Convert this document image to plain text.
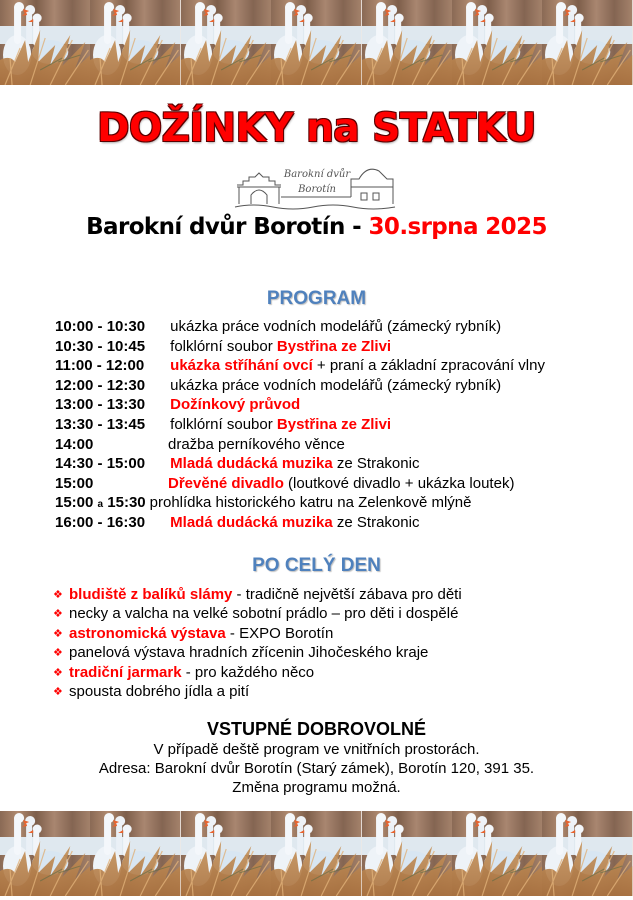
DOŽÍNKY na STATKU
Barokní dvůr
Borotín
Barokní dvůr Borotín - 30.srpna 2025
PROGRAM
10:00 - 10:30 ukázka práce vodních modelářů (zámecký rybník)
10:30 - 10:45 folklórní soubor Bystřina ze Zlivi
11:00 - 12:00 ukázka stříhání ovcí + praní a základní zpracování vlny
12:00 - 12:30 ukázka práce vodních modelářů (zámecký rybník)
13:00 - 13:30 Dožínkový průvod
13:30 - 13:45 folklórní soubor Bystřina ze Zlivi
14:00	dražba perníkového věnce
14:30 - 15:00 Mladá dudácká muzika ze Strakonic
15:00	Dřevěné divadlo (loutkové divadlo + ukázka loutek)
15:00 a 15:30 prohlídka historického katru na Zelenkově mlýně
16:00 - 16:30 Mladá dudácká muzika ze Strakonic
PO CELÝ DEN
❖ bludiště z balíků slámy - tradičně největší zábava pro děti
❖ necky a valcha na velké sobotní prádlo – pro děti i dospělé
❖ astronomická výstava - EXPO Borotín
❖ panelová výstava hradních zřícenin Jihočeského kraje
❖ tradiční jarmark - pro každého něco
❖ spousta dobrého jídla a pití
VSTUPNÉ DOBROVOLNÉ
V případě deště program ve vnitřních prostorách.
Adresa: Barokní dvůr Borotín (Starý zámek), Borotín 120, 391 35.
Změna programu možná.
